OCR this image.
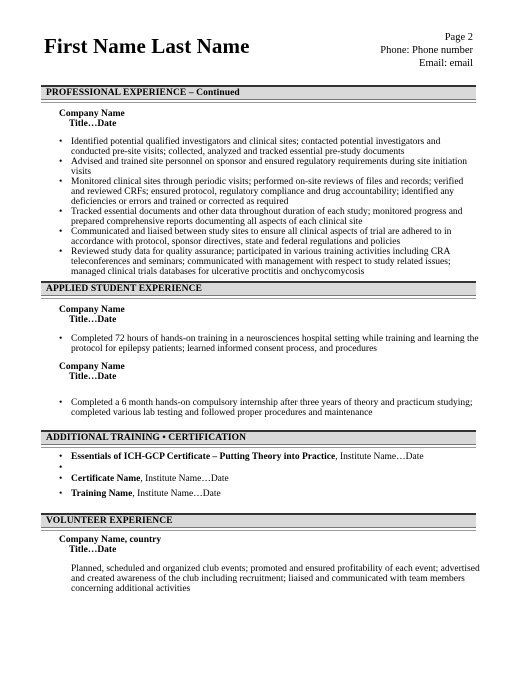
First Name Last Name	Page 2
Phone: Phone number
Email: email
PROFESSIONAL EXPERIENCE – Continued
Company Name
Title…Date
• Identified potential qualified investigators and clinical sites; contacted potential investigators and conducted pre-site visits; collected, analyzed and tracked essential pre-study documents
• Advised and trained site personnel on sponsor and ensured regulatory requirements during site initiation visits
• Monitored clinical sites through periodic visits; performed on-site reviews of files and records; verified and reviewed CRFs; ensured protocol, regulatory compliance and drug accountability; identified any deficiencies or errors and trained or corrected as required
• Tracked essential documents and other data throughout duration of each study; monitored progress and prepared comprehensive reports documenting all aspects of each clinical site
• Communicated and liaised between study sites to ensure all clinical aspects of trial are adhered to in accordance with protocol, sponsor directives, state and federal regulations and policies
• Reviewed study data for quality assurance; participated in various training activities including CRA teleconferences and seminars; communicated with management with respect to study related issues; managed clinical trials databases for ulcerative proctitis and onchycomycosis
APPLIED STUDENT EXPERIENCE
Company Name
Title…Date
• Completed 72 hours of hands-on training in a neurosciences hospital setting while training and learning the protocol for epilepsy patients; learned informed consent process, and procedures
Company Name
Title…Date
• Completed a 6 month hands-on compulsory internship after three years of theory and practicum studying; completed various lab testing and followed proper procedures and maintenance
ADDITIONAL TRAINING • CERTIFICATION
• Essentials of ICH-GCP Certificate – Putting Theory into Practice, Institute Name…Date
• Certificate Name, Institute Name…Date
• Training Name, Institute Name…Date
VOLUNTEER EXPERIENCE
Company Name, country
Title…Date
Planned, scheduled and organized club events; promoted and ensured profitability of each event; advertised and created awareness of the club including recruitment; liaised and communicated with team members concerning additional activities
